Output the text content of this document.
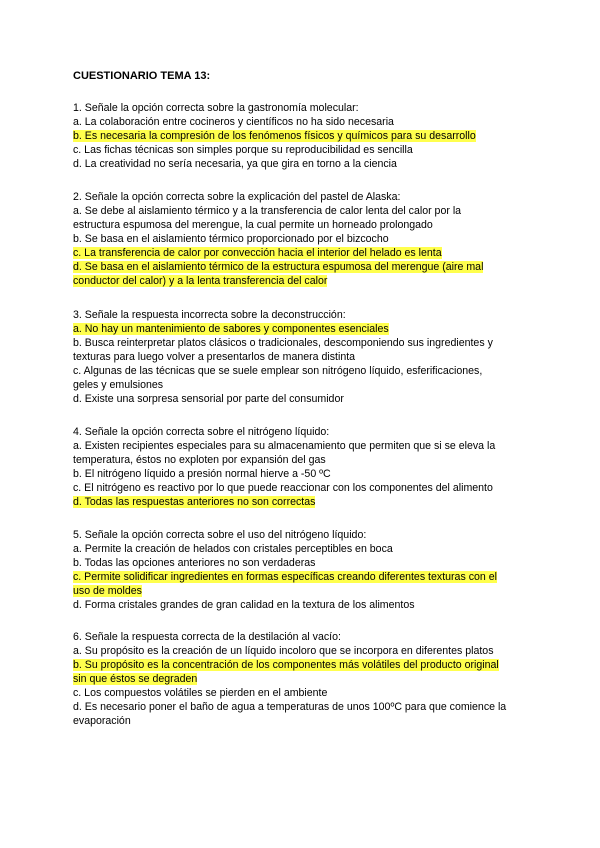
CUESTIONARIO TEMA 13:
1. Señale la opción correcta sobre la gastronomía molecular:
a. La colaboración entre cocineros y científicos no ha sido necesaria
b. Es necesaria la compresión de los fenómenos físicos y químicos para su desarrollo
c. Las fichas técnicas son simples porque su reproducibilidad es sencilla
d. La creatividad no sería necesaria, ya que gira en torno a la ciencia
2. Señale la opción correcta sobre la explicación del pastel de Alaska:
a. Se debe al aislamiento térmico y a la transferencia de calor lenta del calor por la
estructura espumosa del merengue, la cual permite un horneado prolongado
b. Se basa en el aislamiento térmico proporcionado por el bizcocho
c. La transferencia de calor por convección hacia el interior del helado es lenta
d. Se basa en el aislamiento térmico de la estructura espumosa del merengue (aire mal
conductor del calor) y a la lenta transferencia del calor
3. Señale la respuesta incorrecta sobre la deconstrucción:
a. No hay un mantenimiento de sabores y componentes esenciales
b. Busca reinterpretar platos clásicos o tradicionales, descomponiendo sus ingredientes y
texturas para luego volver a presentarlos de manera distinta
c. Algunas de las técnicas que se suele emplear son nitrógeno líquido, esferificaciones,
geles y emulsiones
d. Existe una sorpresa sensorial por parte del consumidor
4. Señale la opción correcta sobre el nitrógeno líquido:
a. Existen recipientes especiales para su almacenamiento que permiten que si se eleva la
temperatura, éstos no exploten por expansión del gas
b. El nitrógeno líquido a presión normal hierve a -50 ºC
c. El nitrógeno es reactivo por lo que puede reaccionar con los componentes del alimento
d. Todas las respuestas anteriores no son correctas
5. Señale la opción correcta sobre el uso del nitrógeno líquido:
a. Permite la creación de helados con cristales perceptibles en boca
b. Todas las opciones anteriores no son verdaderas
c. Permite solidificar ingredientes en formas específicas creando diferentes texturas con el
uso de moldes
d. Forma cristales grandes de gran calidad en la textura de los alimentos
6. Señale la respuesta correcta de la destilación al vacío:
a. Su propósito es la creación de un líquido incoloro que se incorpora en diferentes platos
b. Su propósito es la concentración de los componentes más volátiles del producto original
sin que éstos se degraden
c. Los compuestos volátiles se pierden en el ambiente
d. Es necesario poner el baño de agua a temperaturas de unos 100ºC para que comience la
evaporación
